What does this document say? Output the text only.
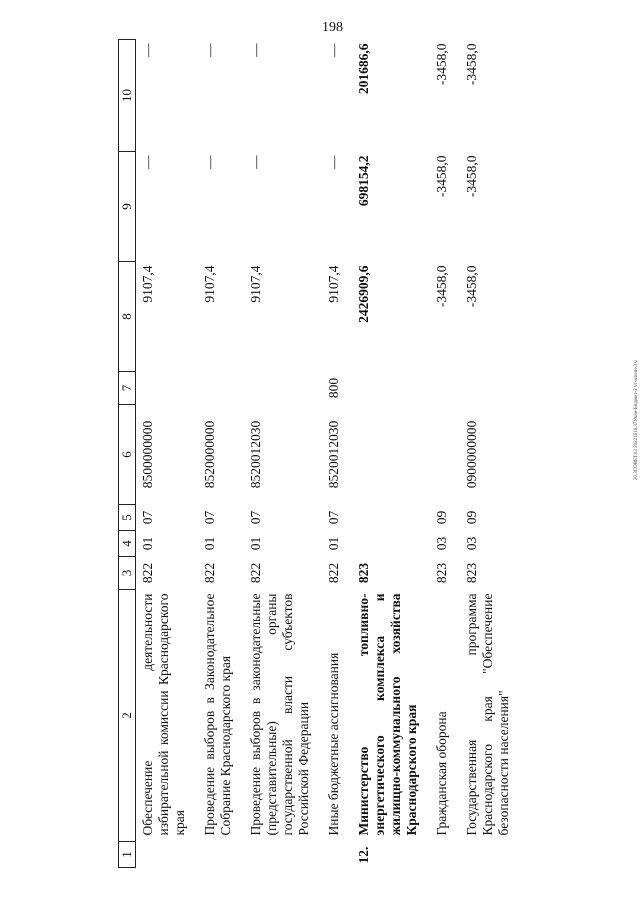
198
1	2	3	4	5	6	7	8	9	10
	Обеспечение деятельности избирательной комиссии Краснодарского края	822	01	07	8500000000		9107,4	—	—
	Проведение выборов в Законодательное Собрание Краснодарского края	822	01	07	8520000000		9107,4	—	—
	Проведение выборов в законодательные (представительные) органы государственной власти субъектов Российской Федерации	822	01	07	8520012030		9107,4	—	—
	Иные бюджетные ассигнования	822	01	07	8520012030	800	9107,4	—	—
12.	Министерство топливно-энергетического комплекса и жилищно-коммунального хозяйства Краснодарского края	823					2426909,6	698154,2	201686,6
	Гражданская оборона	823	03	09			-3458,0	-3458,0	-3458,0
	Государственная программа Краснодарского края "Обеспечение безопасности населения"	823	03	09	0900000000		-3458,0	-3458,0	-3458,0
20.3СОВЕТ.03 20221616.37Уком-Бюджет-2 чт-ялени-3 ч
